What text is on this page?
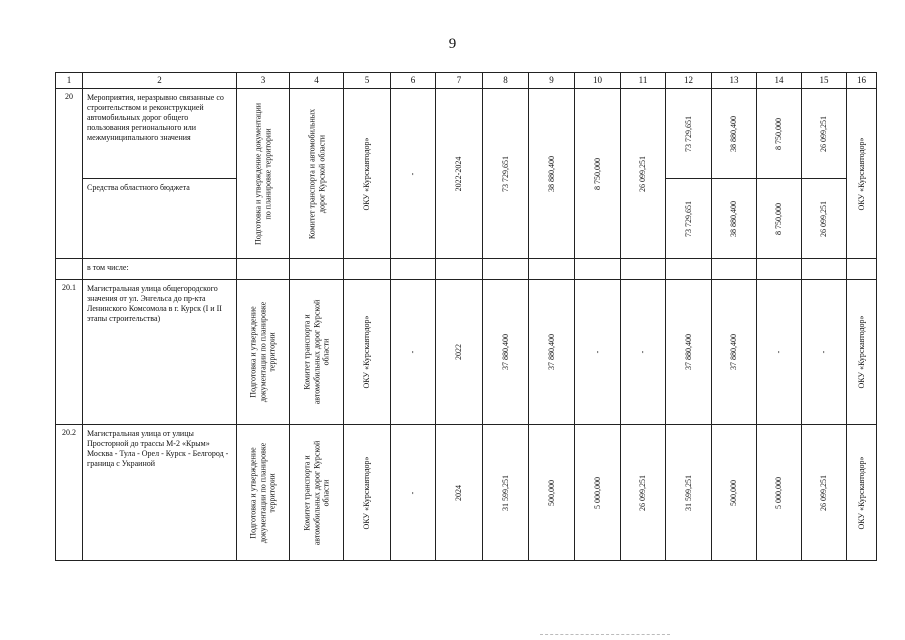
9
1	2	3	4	5	6	7	8	9	10	11	12	13	14	15	16
20	Мероприятия, неразрывно связанные со строительством и реконструкцией автомобильных дорог общего пользования регионального или межмуниципального значения	Подготовка и утверждение документации по планировке территории	Комитет транспорта и автомобильных дорог Курской области	ОКУ «Курскавтодор»	-	2022-2024	73 729,651	38 880,400	8 750,000	26 099,251	73 729,651	38 880,400	8 750,000	26 099,251	ОКУ «Курскавтодор»

	Средства областного бюджета										73 729,651	38 880,400	8 750,000	26 099,251	

	в том числе:														
20.1	Магистральная улица общегородского значения от ул. Энгельса до пр-кта Ленинского Комсомола в г. Курск (I и II этапы строительства)	Подготовка и утверждение документации по планировке территории	Комитет транспорта и автомобильных дорог Курской области	ОКУ «Курскавтодор»	-	2022	37 880,400	37 880,400	-	-	37 880,400	37 880,400	-	-	ОКУ «Курскавтодор»

20.2	Магистральная улица от улицы Просторной до трассы М-2 «Крым» Москва - Тула - Орел - Курск - Белгород - граница с Украиной	Подготовка и утверждение документации по планировке территории	Комитет транспорта и автомобильных дорог Курской области	ОКУ «Курскавтодор»	-	2024	31 599,251	500,000	5 000,000	26 099,251	31 599,251	500,000	5 000,000	26 099,251	ОКУ «Курскавтодор»
